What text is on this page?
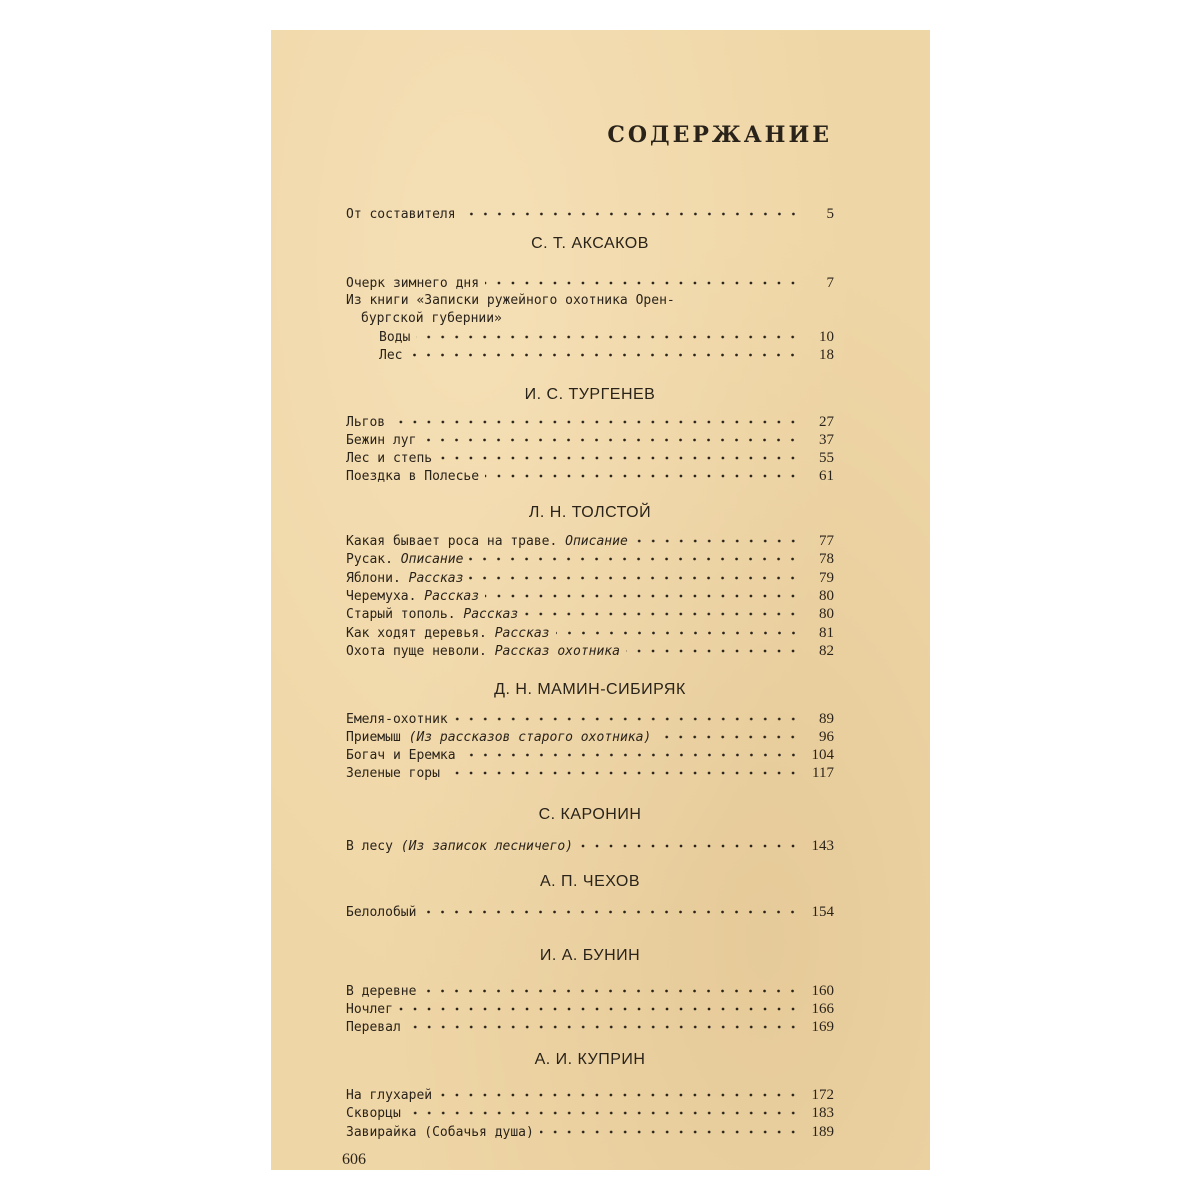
СОДЕРЖАНИЕ
От составителя	5
С. Т. АКСАКОВ
Очерк зимнего дня	7
Из книги «Записки ружейного охотника Орен-
бургской губернии»
Воды	10
Лес	18
И. С. ТУРГЕНЕВ
Льгов	27
Бежин луг	37
Лес и степь	55
Поездка в Полесье	61
Л. Н. ТОЛСТОЙ
Какая бывает роса на траве. Описание	77
Русак. Описание	78
Яблони. Рассказ	79
Черемуха. Рассказ	80
Старый тополь. Рассказ	80
Как ходят деревья. Рассказ	81
Охота пуще неволи. Рассказ охотника	82
Д. Н. МАМИН-СИБИРЯК
Емеля-охотник	89
Приемыш (Из рассказов старого охотника)	96
Богач и Еремка	104
Зеленые горы	117
С. КАРОНИН
В лесу (Из записок лесничего)	143
А. П. ЧЕХОВ
Белолобый	154
И. А. БУНИН
В деревне	160
Ночлег	166
Перевал	169
А. И. КУПРИН
На глухарей	172
Скворцы	183
Завирайка (Собачья душа)	189
606
